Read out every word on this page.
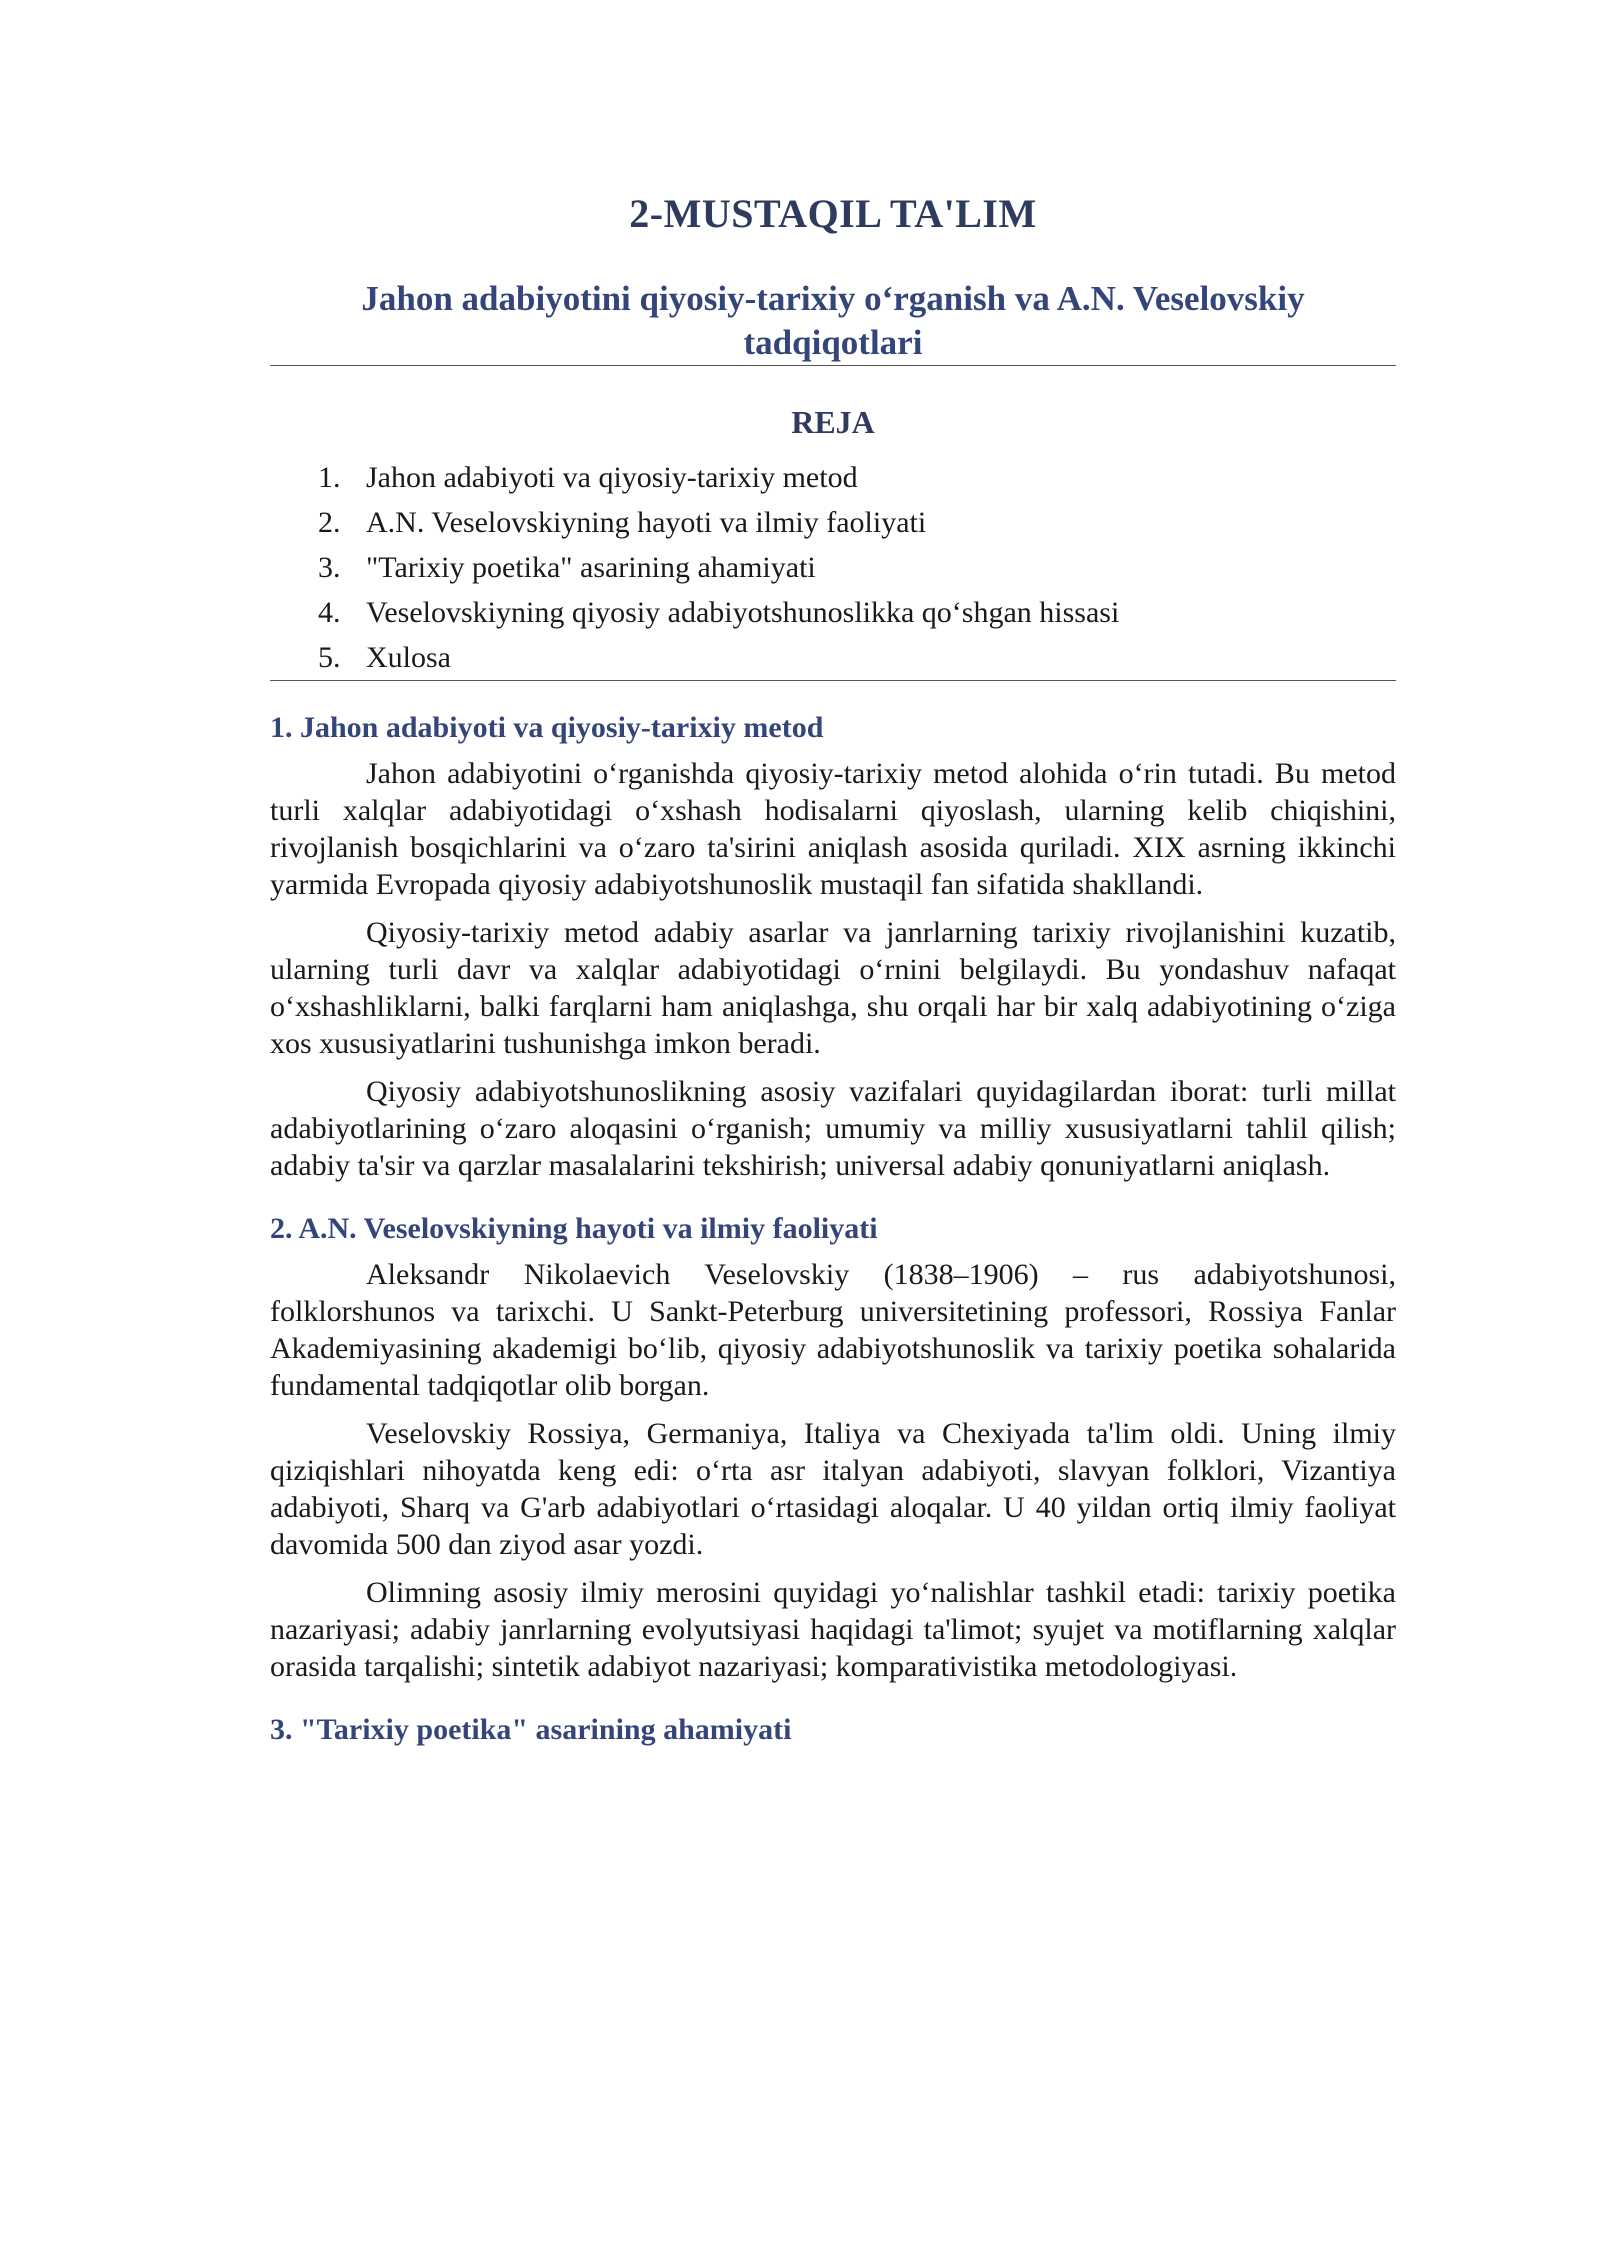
2-MUSTAQIL TA'LIM
Jahon adabiyotini qiyosiy-tarixiy o‘rganish va A.N. Veselovskiy tadqiqotlari
REJA
1. Jahon adabiyoti va qiyosiy-tarixiy metod
2. A.N. Veselovskiyning hayoti va ilmiy faoliyati
3. "Tarixiy poetika" asarining ahamiyati
4. Veselovskiyning qiyosiy adabiyotshunoslikka qo‘shgan hissasi
5. Xulosa
1. Jahon adabiyoti va qiyosiy-tarixiy metod

Jahon adabiyotini o‘rganishda qiyosiy-tarixiy metod alohida o‘rin tutadi. Bu metod turli xalqlar adabiyotidagi o‘xshash hodisalarni qiyoslash, ularning kelib chiqishini, rivojlanish bosqichlarini va o‘zaro ta'sirini aniqlash asosida quriladi. XIX asrning ikkinchi yarmida Evropada qiyosiy adabiyotshunoslik mustaqil fan sifatida shakllandi.

Qiyosiy-tarixiy metod adabiy asarlar va janrlarning tarixiy rivojlanishini kuzatib, ularning turli davr va xalqlar adabiyotidagi o‘rnini belgilaydi. Bu yondashuv nafaqat o‘xshashliklarni, balki farqlarni ham aniqlashga, shu orqali har bir xalq adabiyotining o‘ziga xos xususiyatlarini tushunishga imkon beradi.

Qiyosiy adabiyotshunoslikning asosiy vazifalari quyidagilardan iborat: turli millat adabiyotlarining o‘zaro aloqasini o‘rganish; umumiy va milliy xususiyatlarni tahlil qilish; adabiy ta'sir va qarzlar masalalarini tekshirish; universal adabiy qonuniyatlarni aniqlash.

2. A.N. Veselovskiyning hayoti va ilmiy faoliyati

Aleksandr Nikolaevich Veselovskiy (1838–1906) – rus adabiyotshunosi, folklorshunos va tarixchi. U Sankt-Peterburg universitetining professori, Rossiya Fanlar Akademiyasining akademigi bo‘lib, qiyosiy adabiyotshunoslik va tarixiy poetika sohalarida fundamental tadqiqotlar olib borgan.

Veselovskiy Rossiya, Germaniya, Italiya va Chexiyada ta'lim oldi. Uning ilmiy qiziqishlari nihoyatda keng edi: o‘rta asr italyan adabiyoti, slavyan folklori, Vizantiya adabiyoti, Sharq va G'arb adabiyotlari o‘rtasidagi aloqalar. U 40 yildan ortiq ilmiy faoliyat davomida 500 dan ziyod asar yozdi.

Olimning asosiy ilmiy merosini quyidagi yo‘nalishlar tashkil etadi: tarixiy poetika nazariyasi; adabiy janrlarning evolyutsiyasi haqidagi ta'limot; syujet va motiflarning xalqlar orasida tarqalishi; sintetik adabiyot nazariyasi; komparativistika metodologiyasi.

3. "Tarixiy poetika" asarining ahamiyati
